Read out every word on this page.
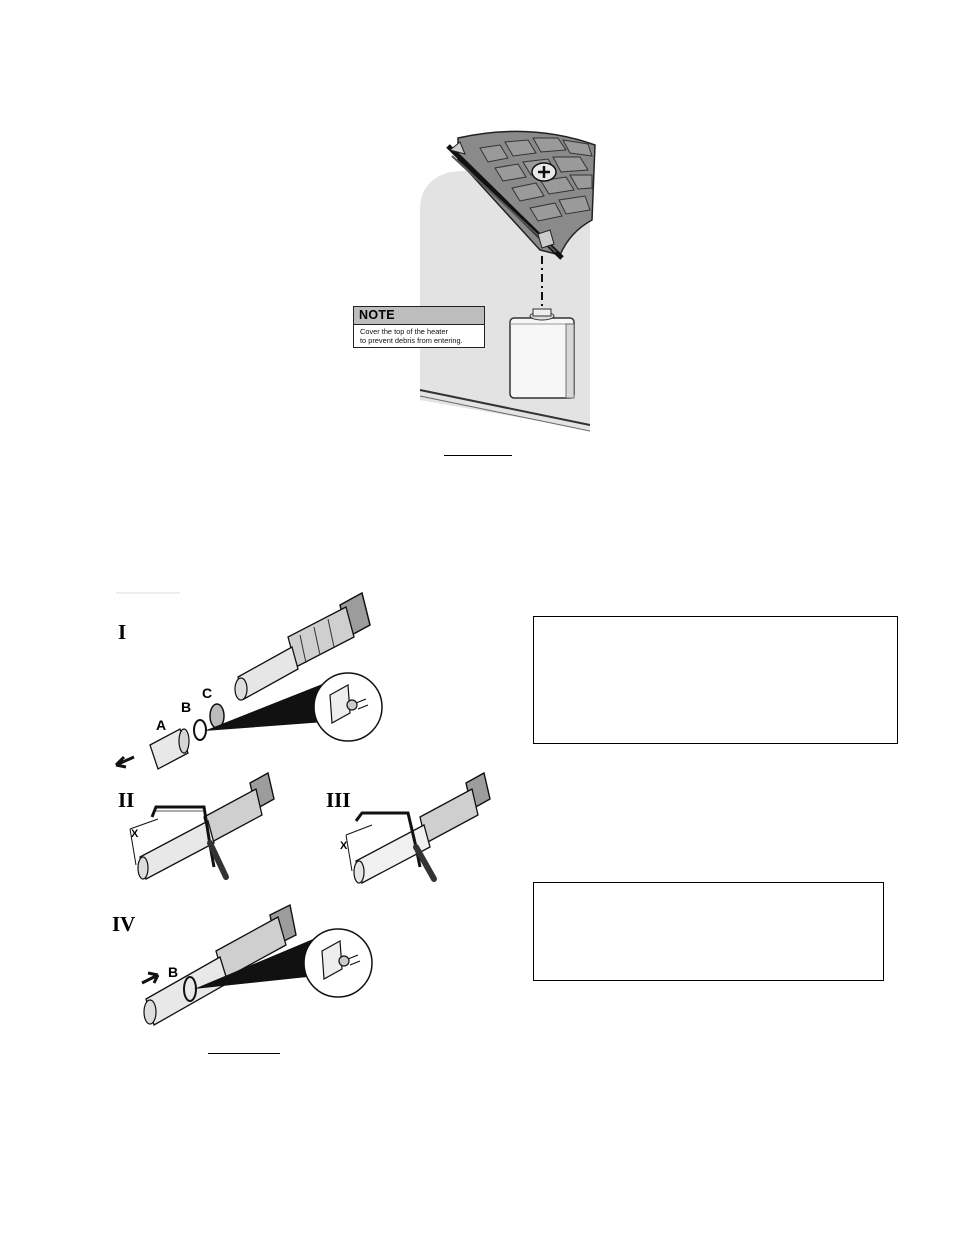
NOTE
Cover the top of the heater
to prevent debris from entering.
I
II	III
IV
A
B
C
B
X
X
